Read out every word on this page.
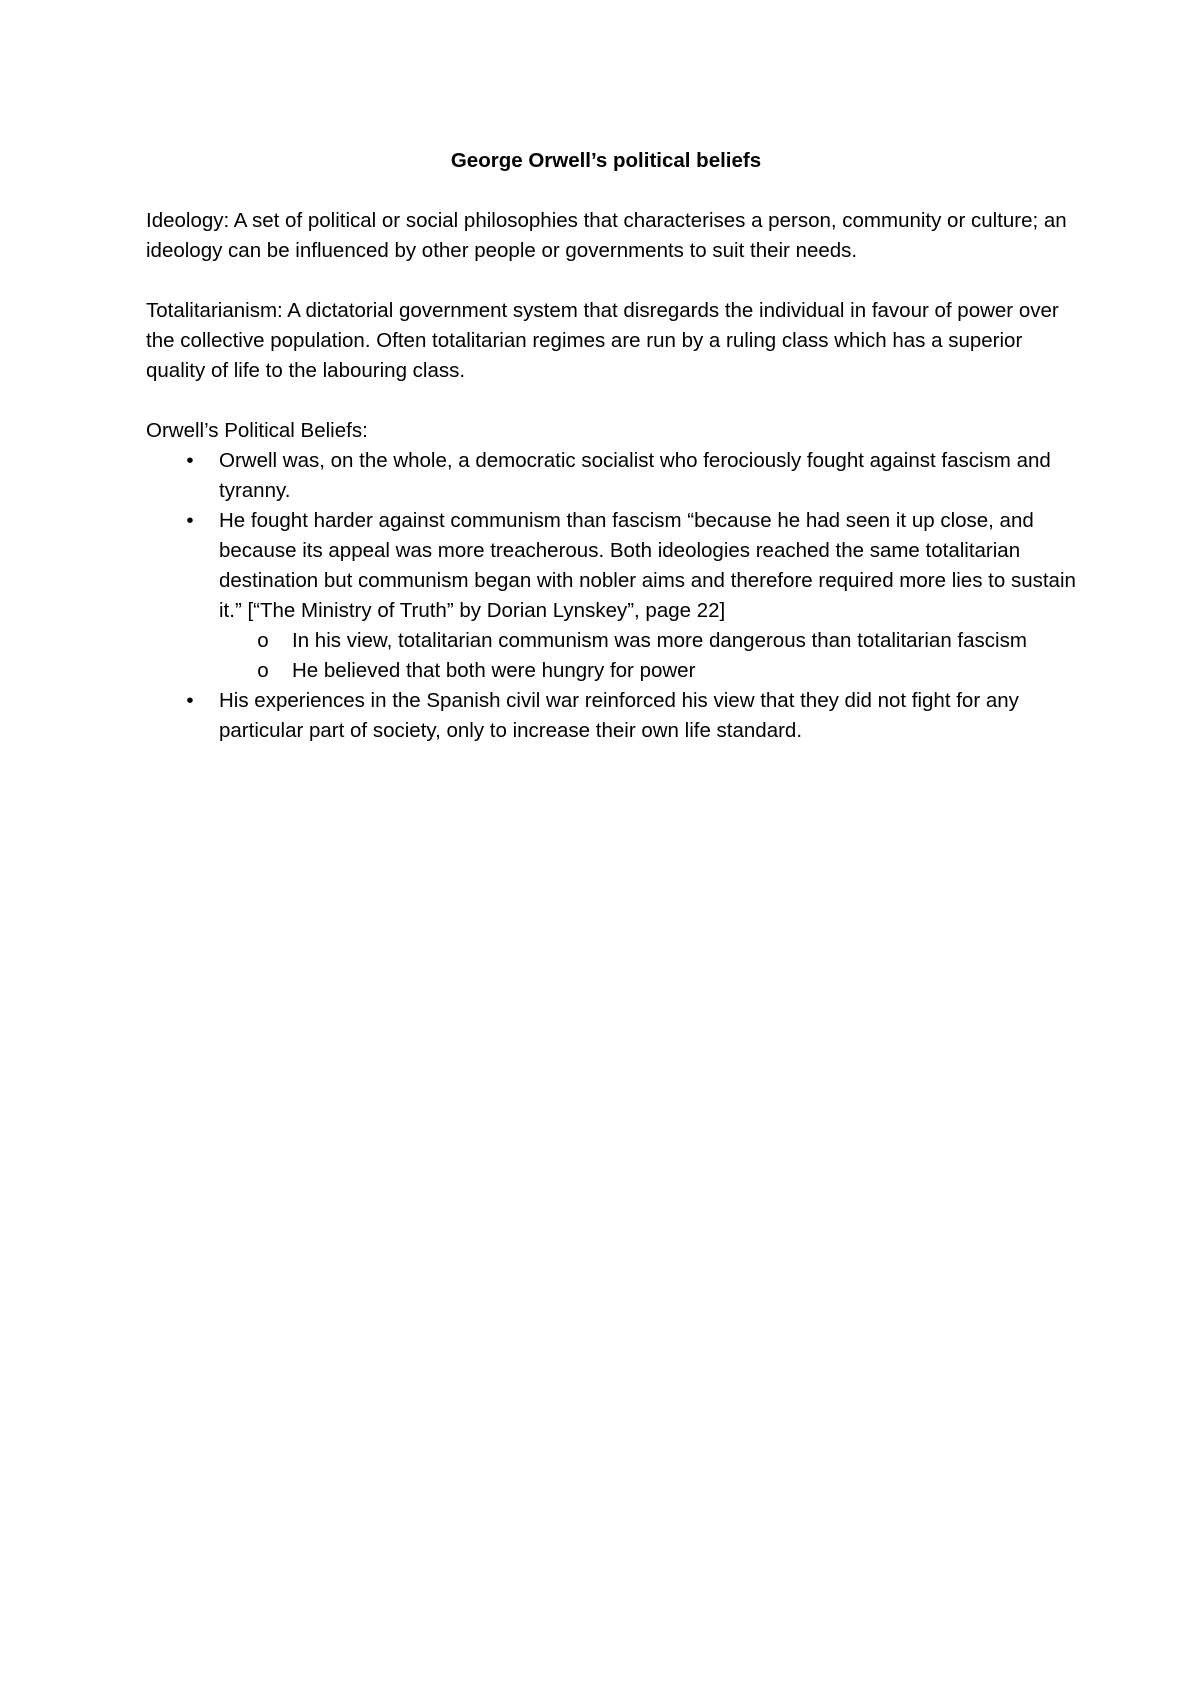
George Orwell’s political beliefs
Ideology: A set of political or social philosophies that characterises a person, community or culture; an ideology can be influenced by other people or governments to suit their needs.
Totalitarianism: A dictatorial government system that disregards the individual in favour of power over the collective population. Often totalitarian regimes are run by a ruling class which has a superior quality of life to the labouring class.
Orwell’s Political Beliefs:
•	Orwell was, on the whole, a democratic socialist who ferociously fought against fascism and tyranny.
•	He fought harder against communism than fascism “because he had seen it up close, and because its appeal was more treacherous. Both ideologies reached the same totalitarian destination but communism began with nobler aims and therefore required more lies to sustain it.” [“The Ministry of Truth” by Dorian Lynskey”, page 22]
o In his view, totalitarian communism was more dangerous than totalitarian fascism
o He believed that both were hungry for power
•	His experiences in the Spanish civil war reinforced his view that they did not fight for any particular part of society, only to increase their own life standard.
